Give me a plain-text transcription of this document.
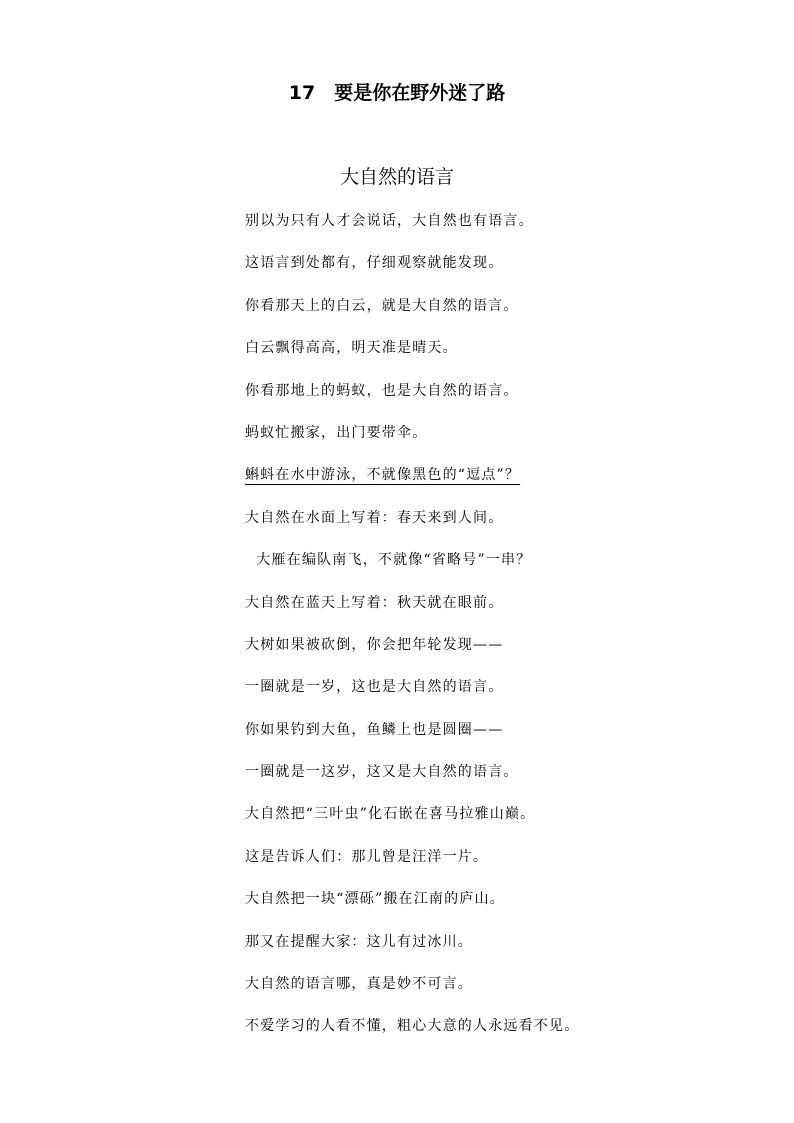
17　要是你在野外迷了路
大自然的语言
别以为只有人才会说话，大自然也有语言。
这语言到处都有，仔细观察就能发现。
你看那天上的白云，就是大自然的语言。
白云飘得高高，明天准是晴天。
你看那地上的蚂蚁，也是大自然的语言。
蚂蚁忙搬家，出门要带伞。
蝌蚪在水中游泳，不就像黑色的“逗点”？
大自然在水面上写着：春天来到人间。
大雁在编队南飞，不就像“省略号”一串？
大自然在蓝天上写着：秋天就在眼前。
大树如果被砍倒，你会把年轮发现——
一圈就是一岁，这也是大自然的语言。
你如果钓到大鱼，鱼鳞上也是圆圈——
一圈就是一这岁，这又是大自然的语言。
大自然把“三叶虫”化石嵌在喜马拉雅山巅。
这是告诉人们：那儿曾是汪洋一片。
大自然把一块“漂砾”搬在江南的庐山。
那又在提醒大家：这儿有过冰川。
大自然的语言哪，真是妙不可言。
不爱学习的人看不懂，粗心大意的人永远看不见。
